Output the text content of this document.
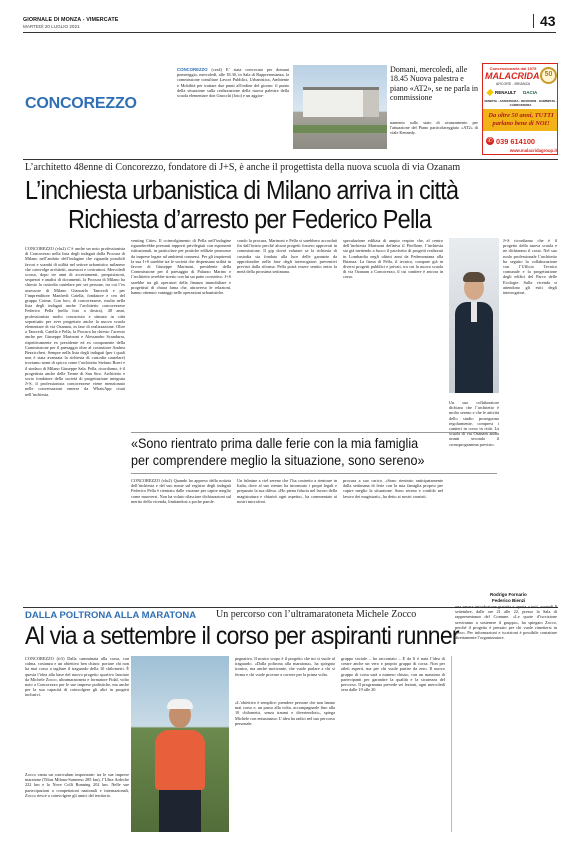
GIORNALE DI MONZA - VIMERCATE
MARTEDÌ 20 LUGLIO 2021	43
CONCOREZZO
CONCOREZZO (ces4) E’ stata convocata per domani pomeriggio, mercoledì, alle 18.30, in Sala di Rappresentanza, la commissione consiliare Lavori Pubblici, Urbanistica, Ambiente e Mobilità per trattare due punti all'ordine del giorno: il punto della situazione sulla realizzazione della nuova palestra della scuola elementare don Gnocchi (foto) e un aggior-
Domani, mercoledì, alle 18.45 Nuova palestra e piano «AT2», se ne parla in commissione
namento sullo stato di avanzamento per l'attuazione del Piano particolareggiato «AT2» di viale Kennedy.
Concessionaria dal 1975
MALACRIDA 50
ARCORE - BRIANZA
RENAULT DACIA
VENDITA · ASSISTENZA · REVISIONI · GOMMISTA · CARROZZERIA
Da oltre 50 anni, TUTTI
parlano bene di NOI!
✆ 039 614100
www.malacridagroup.it
L’architetto 48enne di Concorezzo, fondatore di J+S, è anche il progettista della nuova scuola di via Ozanam
L’inchiesta urbanistica di Milano arriva in città
Richiesta d’arresto per Federico Pella
CONCOREZZO (vlu2) C’è anche un noto professionista di Concorezzo nella lista degli indagati dalla Procura di Milano nell’ambito dell’indagine che riguarda possibili favori e scambi di utilità nel settore urbanistico milanese che coinvolge architetti, assessori e costruttori. Mercoledì scorso, dopo tre anni di accertamenti, perquisizioni, sequestri e analisi di documenti, la Procura di Milano ha chiesto la custodia cautelare per sei persone, tra cui l’ex assessore di Milano Giancarlo Tancredi e per l’imprenditore Manfredi Catella, fondatore e ceo del gruppo Coima. Con loro, di concorezzese, risulta nella lista degli indagati anche l’architetto concorezzese Federico Pella (nella foto a destra), 48 anni, professionista molto conosciuto e stimato in città soprattutto per aver progettato anche la nuova scuola elementare di via Ozanam, in fase di realizzazione. Oltre a Tancredi, Catella e Pella, la Procura ha chiesto l’arresto anche per Giuseppe Marinoni e Alessandro Scandurra, rispettivamente ex presidente ed ex componente della Commissione per il paesaggio oltre al costruttore Andrea Bezziccheri. Sempre nella lista degli indagati (per i quali non è stata avanzata la richiesta di custodia cautelare) troviamo nomi di spicco come l’architetto Stefano Boeri e il sindaco di Milano Giuseppe Sala. Pella, ricordiamo, è il progettista anche delle Terme di San Siro. Architetto e socio fondatore dello società di progettazione integrata J+S, il professionista concorezzese viene menzionato nelle conversazioni emerse da WhatsApp citati nell’inchiesta.
venting Cities. Il coinvolgimento di Pella nell’indagine riguarderebbe presunti rapporti privilegiati con esponenti istituzionali, in particolare per pratiche edilizie promosse da imprese legate ad ambienti connessi. Per gli inquirenti la sua J+S sarebbe tra le società che dispensano utilità in favore di Giuseppe Marinoni, presidente della Commissione per il paesaggio di Palazzo Marino e l’architetto avrebbe stretto con lui un patto corruttivo. J+S sarebbe tra gli operatori della finanza immobiliare e progettisti di chiara fama che, attraverso le relazioni, hanno ottenuto vantaggi nelle operazioni urbanistiche.
condo la procura, Marinoni e Pella si sarebbero accordati fin dall’inizio perché alcuni progetti fossero approvati in commissione. Il gip dovrà valutare se la richiesta di custodia sia fondata alla luce delle garanzie da approfondire nella fase degli interrogatori preventivi previsti dalla riforma. Pella potrà essere sentito entro la metà della prossima settimana.
speculazione edilizia di ampio respiro che, al centro dell’inchiesta Marinoni definiva il Pirellone, l’inchiesta sta già mettendo a fuoco il pacchetto di progetti realizzati in Lombardia negli ultimi anni da Pedemontana alla Brianza. La firma di Pella, il tecnico, compare già in diversi progetti pubblici e privati, tra cui la nuova scuola di via Ozanam a Concorezzo, il cui cantiere è ancora in corso.
J+S ricordiamo che è il progetto della nuova scuola e ne dichiarano il costo. Nel suo ruolo professionale l’architetto ha seguito la collaborazione con l’Ufficio Tecnico comunale e la progettazione degli edifici del Parco delle Ecologie. Sulla vicenda si attendono gli esiti degli interrogatori.
«Sono rientrato prima dalle ferie con la mia famiglia
per comprendere meglio la situazione, sono sereno»
CONCOREZZO (vlu2) Quando ha appreso della notizia dell’inchiesta e del suo nome sul registro degli indagati Federico Pella è rientrato dalle vacanze per capire meglio come muoversi. Non ha voluto rilasciare dichiarazioni sul merito della vicenda, limitandosi a poche parole.
Un fulmine a ciel sereno che l’ha costretto a rientrare in Italia, dove al suo rientro ha incontrato i propri legali e preparato la sua difesa. «Ho piena fiducia nel lavoro della magistratura e chiarirò ogni aspetto», ha commentato ai nostri microfoni.
procura a suo carico. «Sono rientrato anticipatamente dalla settimana di ferie con la mia famiglia proprio per capire meglio la situazione. Sono sereno e confido nel lavoro dei magistrati», ha detto ai nostri cronisti.
Un suo collaboratore dichiara che l’architetto è molto sereno e che le attività dello studio proseguono regolarmente, compresi i cantieri in corso in città. La scuola di via Ozanam andrà avanti secondo il cronoprogramma previsto.
Rodrigo Fornario
Federico Bienzi
DALLA POLTRONA ALLA MARATONA Un percorso con l’ultramaratoneta Michele Zocco
Al via a settembre il corso per aspiranti runner
CONCOREZZO (fr3) Dalla camminata alla corsa, con calma, costanza e un obiettivo ben chiaro: portare chi non ha mai corso a tagliare il traguardo della 10 chilometri. È questa l’idea alla base del nuovo progetto sportivo lanciato da Michele Zocco, ultramaratoneta e formatore Fidal, volto noto a Concorezzo per le sue imprese podistiche, ma anche per la sua capacità di coinvolgere gli altri in progetti inclusivi.
Zocco vanta un curriculum importante: tra le sue imprese maratone (Tiltas Milano-Sanremo 285 km), l’Ultra Ardeche 222 km e la Nove Colli Running 202 km. Nelle sue partecipazioni a competizioni nazionali e internazionali, Zocco riesce a coinvolgere gli amici del territorio.
pegnativo. Il nostro scopo è il progetto che mi si vuole al traguardo. «Dalla poltrona alla maratona», ha spiegato ironico, ma anche motivante, che vuole parlare a chi si ferma e chi vuole provare a correre per la prima volta.
«L’obiettivo è semplice: prendere persone che non hanno mai corso e, un passo alla volta, accompagnarle fino alla 10 chilometri, senza traumi e divertendosi», spiega Michele con entusiasmo. L’idea ha radici nel suo percorso personale.
gruppo sociale – ha raccontato – E da lì è nata l’idea di creare anche un vero e proprio gruppo di corsa. Non per atleti esperti, ma per chi vuole partire da zero. Il nuovo gruppo di corsa sarà a numero chiuso, con un massimo di partecipanti per garantire la qualità e la sicurezza del percorso. Il programma prevede sei lezioni, ogni mercoledì sera dalle 19 alle 20.
una severa introduzione gratuita e aperta a tutti, martedì 9 settembre, dalle ore 21 alle 22, presso la Sala di rappresentanza del Comune. «Le quote d’iscrizione serviranno a sostenere il gruppo», ha spiegato Zocco, perché il progetto è pensato per chi vuole rimettersi in gioco. Per informazioni e iscrizioni è possibile contattare direttamente l’organizzatore.
